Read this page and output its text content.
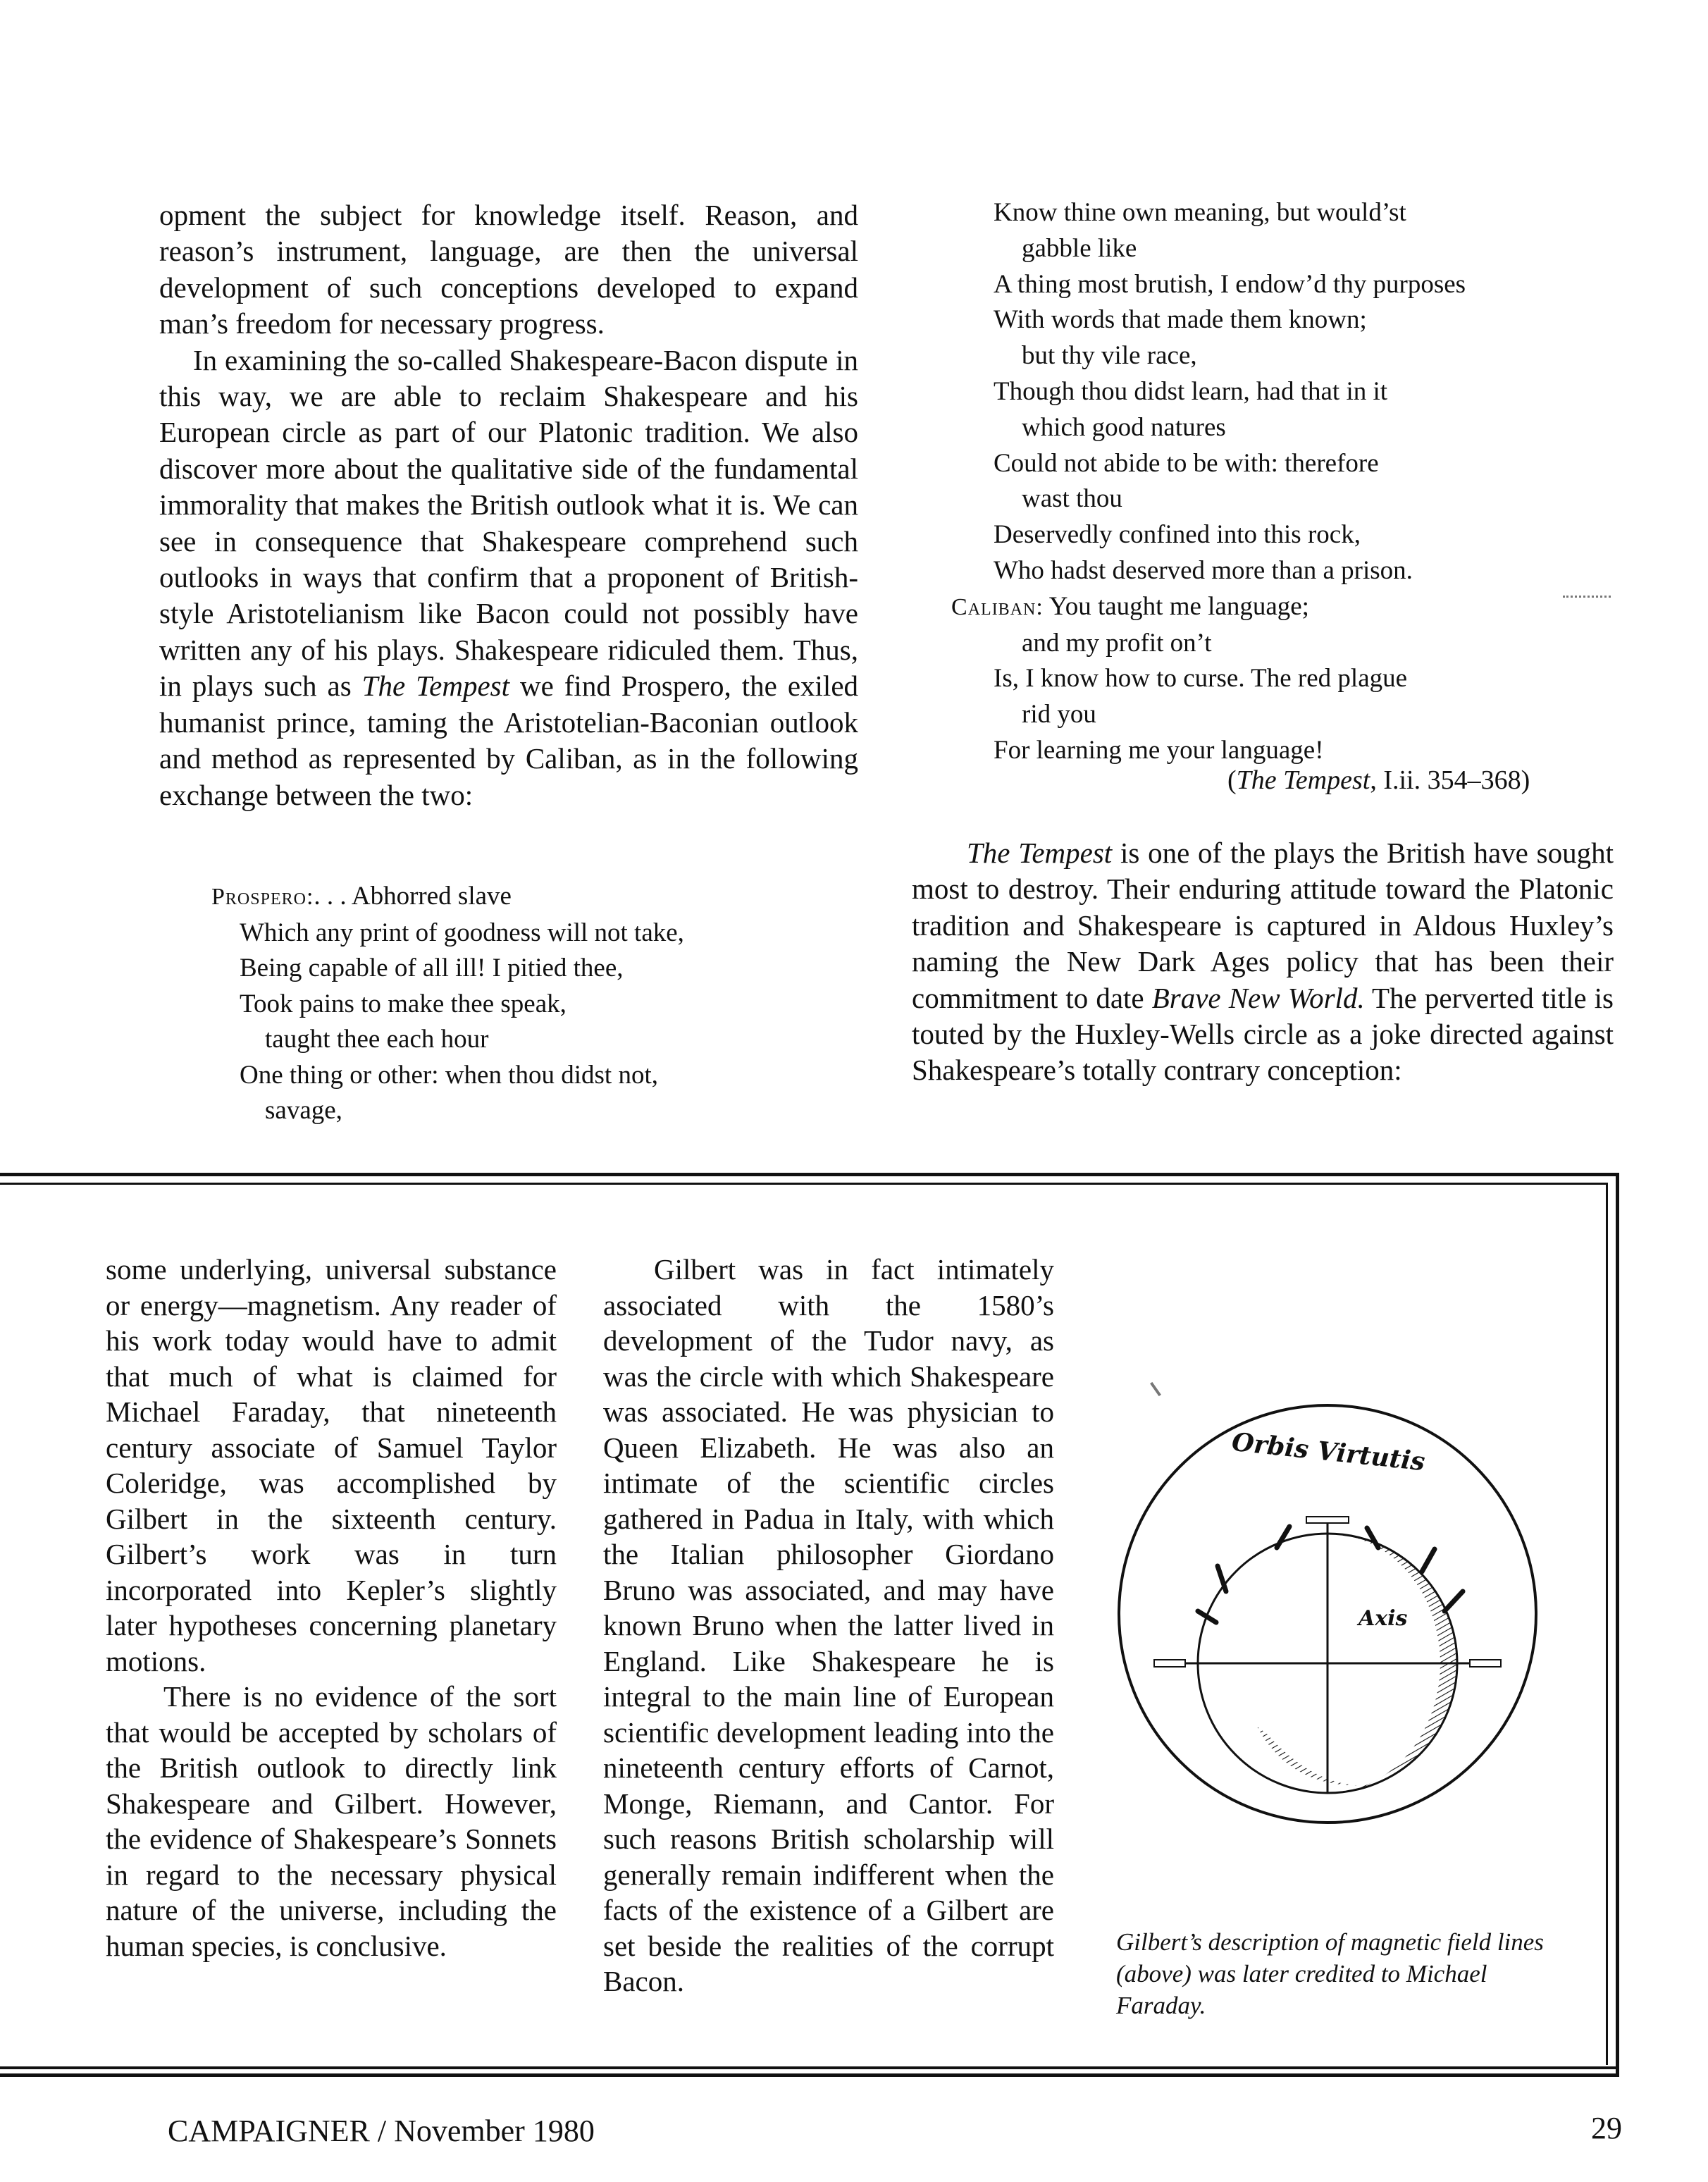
opment the subject for knowledge itself. Reason, and reason’s instrument, language, are then the universal development of such conceptions developed to expand man’s freedom for necessary progress.

In examining the so-called Shakespeare-Bacon dispute in this way, we are able to reclaim Shakespeare and his European circle as part of our Platonic tradition. We also discover more about the qualitative side of the fundamental immorality that makes the British outlook what it is. We can see in consequence that Shakespeare comprehend such outlooks in ways that confirm that a proponent of British-style Aristotelianism like Bacon could not possibly have written any of his plays. Shakespeare ridiculed them. Thus, in plays such as The Tempest we find Prospero, the exiled humanist prince, taming the Aristotelian-Baconian outlook and method as represented by Caliban, as in the following exchange between the two:

Prospero:. . . Abhorred slave

Which any print of goodness will not take,

Being capable of all ill! I pitied thee,

Took pains to make thee speak,

taught thee each hour

One thing or other: when thou didst not,

savage,

Know thine own meaning, but would’st

gabble like

A thing most brutish, I endow’d thy purposes

With words that made them known;

but thy vile race,

Though thou didst learn, had that in it

which good natures

Could not abide to be with: therefore

wast thou

Deservedly confined into this rock,

Who hadst deserved more than a prison.

Caliban: You taught me language;

and my profit on’t

Is, I know how to curse. The red plague

rid you

For learning me your language!

(The Tempest, I.ii. 354–368)

The Tempest is one of the plays the British have sought most to destroy. Their enduring attitude toward the Platonic tradition and Shakespeare is captured in Aldous Huxley’s naming the New Dark Ages policy that has been their commitment to date Brave New World. The perverted title is touted by the Huxley-Wells circle as a joke directed against Shakespeare’s totally contrary conception:

some underlying, universal substance or energy—magnetism. Any reader of his work today would have to admit that much of what is claimed for Michael Faraday, that nineteenth century associate of Samuel Taylor Coleridge, was accomplished by Gilbert in the sixteenth century. Gilbert’s work was in turn incorporated into Kepler’s slightly later hypotheses concerning planetary motions.

There is no evidence of the sort that would be accepted by scholars of the British outlook to directly link Shakespeare and Gilbert. However, the evidence of Shakespeare’s Sonnets in regard to the necessary physical nature of the universe, including the human species, is conclusive.

Gilbert was in fact intimately associated with the 1580’s development of the Tudor navy, as was the circle with which Shakespeare was associated. He was physician to Queen Elizabeth. He was also an intimate of the scientific circles gathered in Padua in Italy, with which the Italian philosopher Giordano Bruno was associated, and may have known Bruno when the latter lived in England. Like Shakespeare he is integral to the main line of European scientific development leading into the nineteenth century efforts of Carnot, Monge, Riemann, and Cantor. For such reasons British scholarship will generally remain indifferent when the facts of the existence of a Gilbert are set beside the realities of the corrupt Bacon.

Orbis Virtutis
Axis
Gilbert’s description of magnetic field lines (above) was later credited to Michael Faraday.
CAMPAIGNER / November 1980	29
